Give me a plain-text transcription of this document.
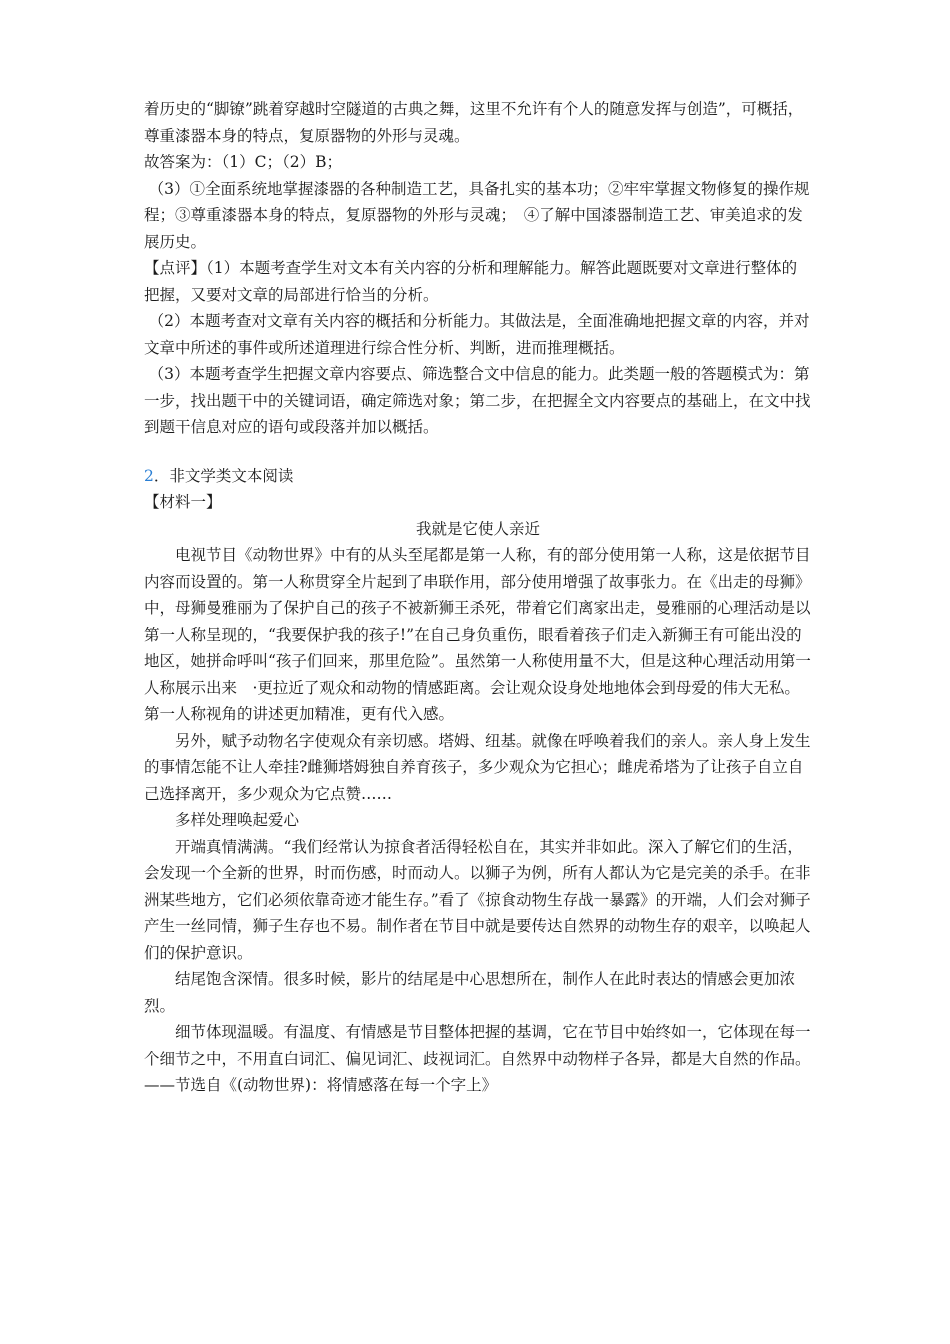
着历史的“脚镣”跳着穿越时空隧道的古典之舞，这里不允许有个人的随意发挥与创造”，可概括，尊重漆器本身的特点，复原器物的外形与灵魂。

故答案为：（1）C；（2）B；

（3）①全面系统地掌握漆器的各种制造工艺，具备扎实的基本功；②牢牢掌握文物修复的操作规程；③尊重漆器本身的特点，复原器物的外形与灵魂；　④了解中国漆器制造工艺、审美追求的发展历史。

【点评】（1）本题考查学生对文本有关内容的分析和理解能力。解答此题既要对文章进行整体的把握，又要对文章的局部进行恰当的分析。

（2）本题考查对文章有关内容的概括和分析能力。其做法是，全面准确地把握文章的内容，并对文章中所述的事件或所述道理进行综合性分析、判断，进而推理概括。

（3）本题考查学生把握文章内容要点、筛选整合文中信息的能力。此类题一般的答题模式为：第一步，找出题干中的关键词语，确定筛选对象；第二步，在把握全文内容要点的基础上，在文中找到题干信息对应的语句或段落并加以概括。

2．非文学类文本阅读

【材料一】

我就是它使人亲近

电视节目《动物世界》中有的从头至尾都是第一人称，有的部分使用第一人称，这是依据节目内容而设置的。第一人称贯穿全片起到了串联作用，部分使用增强了故事张力。在《出走的母狮》中，母狮曼雅丽为了保护自己的孩子不被新狮王杀死，带着它们离家出走，曼雅丽的心理活动是以第一人称呈现的，“我要保护我的孩子!”在自己身负重伤，眼看着孩子们走入新狮王有可能出没的地区，她拼命呼叫“孩子们回来，那里危险”。虽然第一人称使用量不大，但是这种心理活动用第一人称展示出来　·更拉近了观众和动物的情感距离。会让观众设身处地地体会到母爱的伟大无私。第一人称视角的讲述更加精准，更有代入感。

另外，赋予动物名字使观众有亲切感。塔姆、纽基。就像在呼唤着我们的亲人。亲人身上发生的事情怎能不让人牵挂?雌狮塔姆独自养育孩子，多少观众为它担心；雌虎希塔为了让孩子自立自己选择离开，多少观众为它点赞……

多样处理唤起爱心

开端真情满满。“我们经常认为掠食者活得轻松自在，其实并非如此。深入了解它们的生活，会发现一个全新的世界，时而伤感，时而动人。以狮子为例，所有人都认为它是完美的杀手。在非洲某些地方，它们必须依靠奇迹才能生存。”看了《掠食动物生存战一暴露》的开端，人们会对狮子产生一丝同情，狮子生存也不易。制作者在节目中就是要传达自然界的动物生存的艰辛，以唤起人们的保护意识。

结尾饱含深情。很多时候，影片的结尾是中心思想所在，制作人在此时表达的情感会更加浓烈。

细节体现温暖。有温度、有情感是节目整体把握的基调，它在节目中始终如一，它体现在每一个细节之中，不用直白词汇、偏见词汇、歧视词汇。自然界中动物样子各异，都是大自然的作品。——节选自《(动物世界)：将情感落在每一个字上》
